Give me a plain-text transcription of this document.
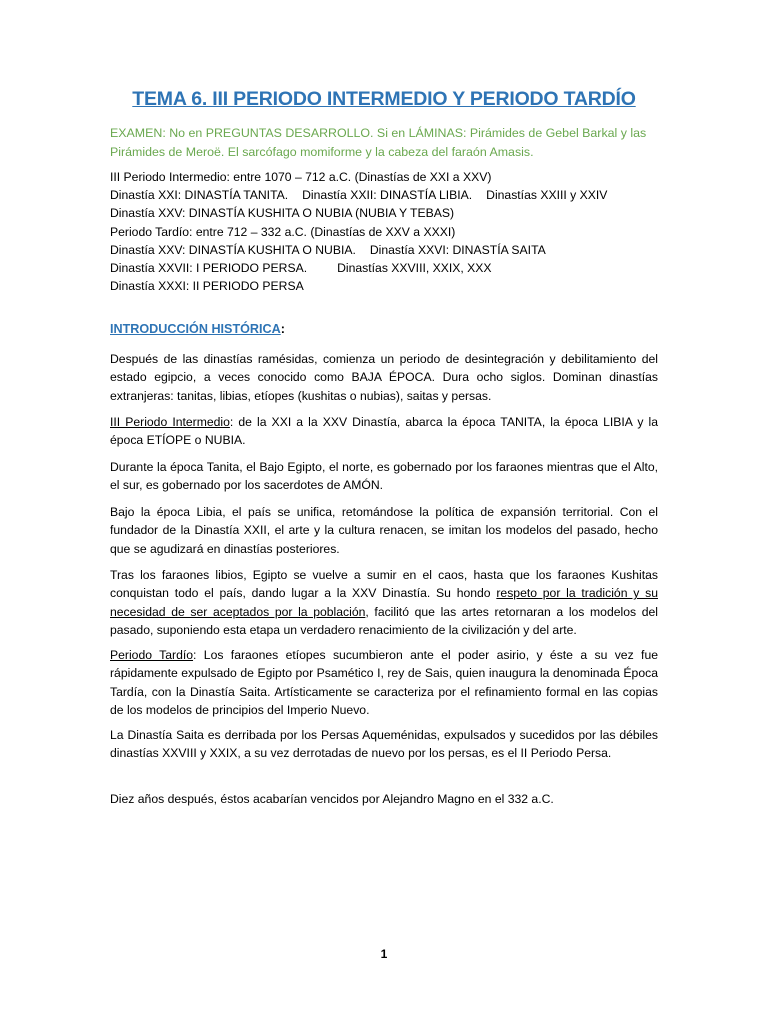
TEMA 6. III PERIODO INTERMEDIO Y PERIODO TARDÍO
EXAMEN: No en PREGUNTAS DESARROLLO. Si en LÁMINAS: Pirámides de Gebel Barkal y las Pirámides de Meroë. El sarcófago momiforme y la cabeza del faraón Amasis.
III Periodo Intermedio: entre 1070 – 712 a.C. (Dinastías de XXI a XXV)
Dinastía XXI: DINASTÍA TANITA. Dinastía XXII: DINASTÍA LIBIA. Dinastías XXIII y XXIV
Dinastía XXV: DINASTÍA KUSHITA O NUBIA (NUBIA Y TEBAS)
Periodo Tardío: entre 712 – 332 a.C. (Dinastías de XXV a XXXI)
Dinastía XXV: DINASTÍA KUSHITA O NUBIA. Dinastía XXVI: DINASTÍA SAITA
Dinastía XXVII: I PERIODO PERSA. Dinastías XXVIII, XXIX, XXX
Dinastía XXXI: II PERIODO PERSA
INTRODUCCIÓN HISTÓRICA:
Después de las dinastías ramésidas, comienza un periodo de desintegración y debilitamiento del estado egipcio, a veces conocido como BAJA ÉPOCA. Dura ocho siglos. Dominan dinastías extranjeras: tanitas, libias, etíopes (kushitas o nubias), saitas y persas.
III Periodo Intermedio: de la XXI a la XXV Dinastía, abarca la época TANITA, la época LIBIA y la época ETÍOPE o NUBIA.
Durante la época Tanita, el Bajo Egipto, el norte, es gobernado por los faraones mientras que el Alto, el sur, es gobernado por los sacerdotes de AMÓN.
Bajo la época Libia, el país se unifica, retomándose la política de expansión territorial. Con el fundador de la Dinastía XXII, el arte y la cultura renacen, se imitan los modelos del pasado, hecho que se agudizará en dinastías posteriores.
Tras los faraones libios, Egipto se vuelve a sumir en el caos, hasta que los faraones Kushitas conquistan todo el país, dando lugar a la XXV Dinastía. Su hondo respeto por la tradición y su necesidad de ser aceptados por la población, facilitó que las artes retornaran a los modelos del pasado, suponiendo esta etapa un verdadero renacimiento de la civilización y del arte.
Periodo Tardío: Los faraones etíopes sucumbieron ante el poder asirio, y éste a su vez fue rápidamente expulsado de Egipto por Psamético I, rey de Sais, quien inaugura la denominada Época Tardía, con la Dinastía Saita. Artísticamente se caracteriza por el refinamiento formal en las copias de los modelos de principios del Imperio Nuevo.
La Dinastía Saita es derribada por los Persas Aqueménidas, expulsados y sucedidos por las débiles dinastías XXVIII y XXIX, a su vez derrotadas de nuevo por los persas, es el II Periodo Persa.
Diez años después, éstos acabarían vencidos por Alejandro Magno en el 332 a.C.
1
